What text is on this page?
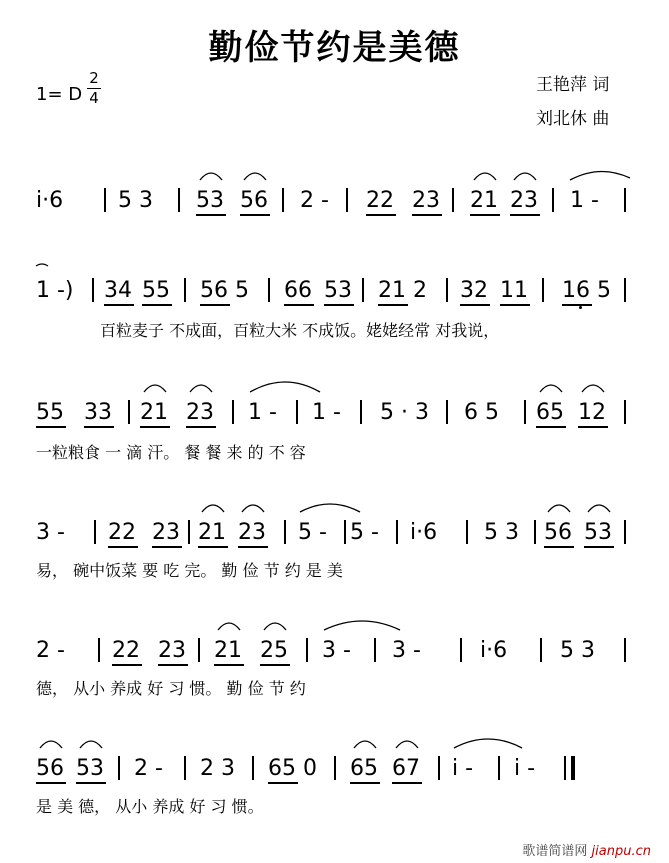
勤俭节约是美德
1= D
2
4
王艳萍 词
刘北休 曲
i·6 5 3 53 56 2 - 22 23 21 23 1 -
1 -) 34 55 56 5 66 53 21 2 32 11 16 5
百粒麦子 不成面，百粒大米 不成饭。姥姥经常 对我说，
55 33 21 23 1 - 1 - 5 · 3 6 5 65 12
一粒粮食 一 滴 汗。 餐 餐 来 的 不 容
3 - 22 23 21 23 5 - 5 - i·6 5 3 56 53
易， 碗中饭菜 要 吃 完。 勤 俭 节 约 是 美
2 - 22 23 21 25 3 - 3 -	i·6 5 3
德， 从小 养成 好 习 惯。 勤 俭 节 约
56 53 2 - 2 3 65 0 65 67 i - i -
是 美 德， 从小 养成 好 习 惯。
歌谱简谱网 jianpu.cn
